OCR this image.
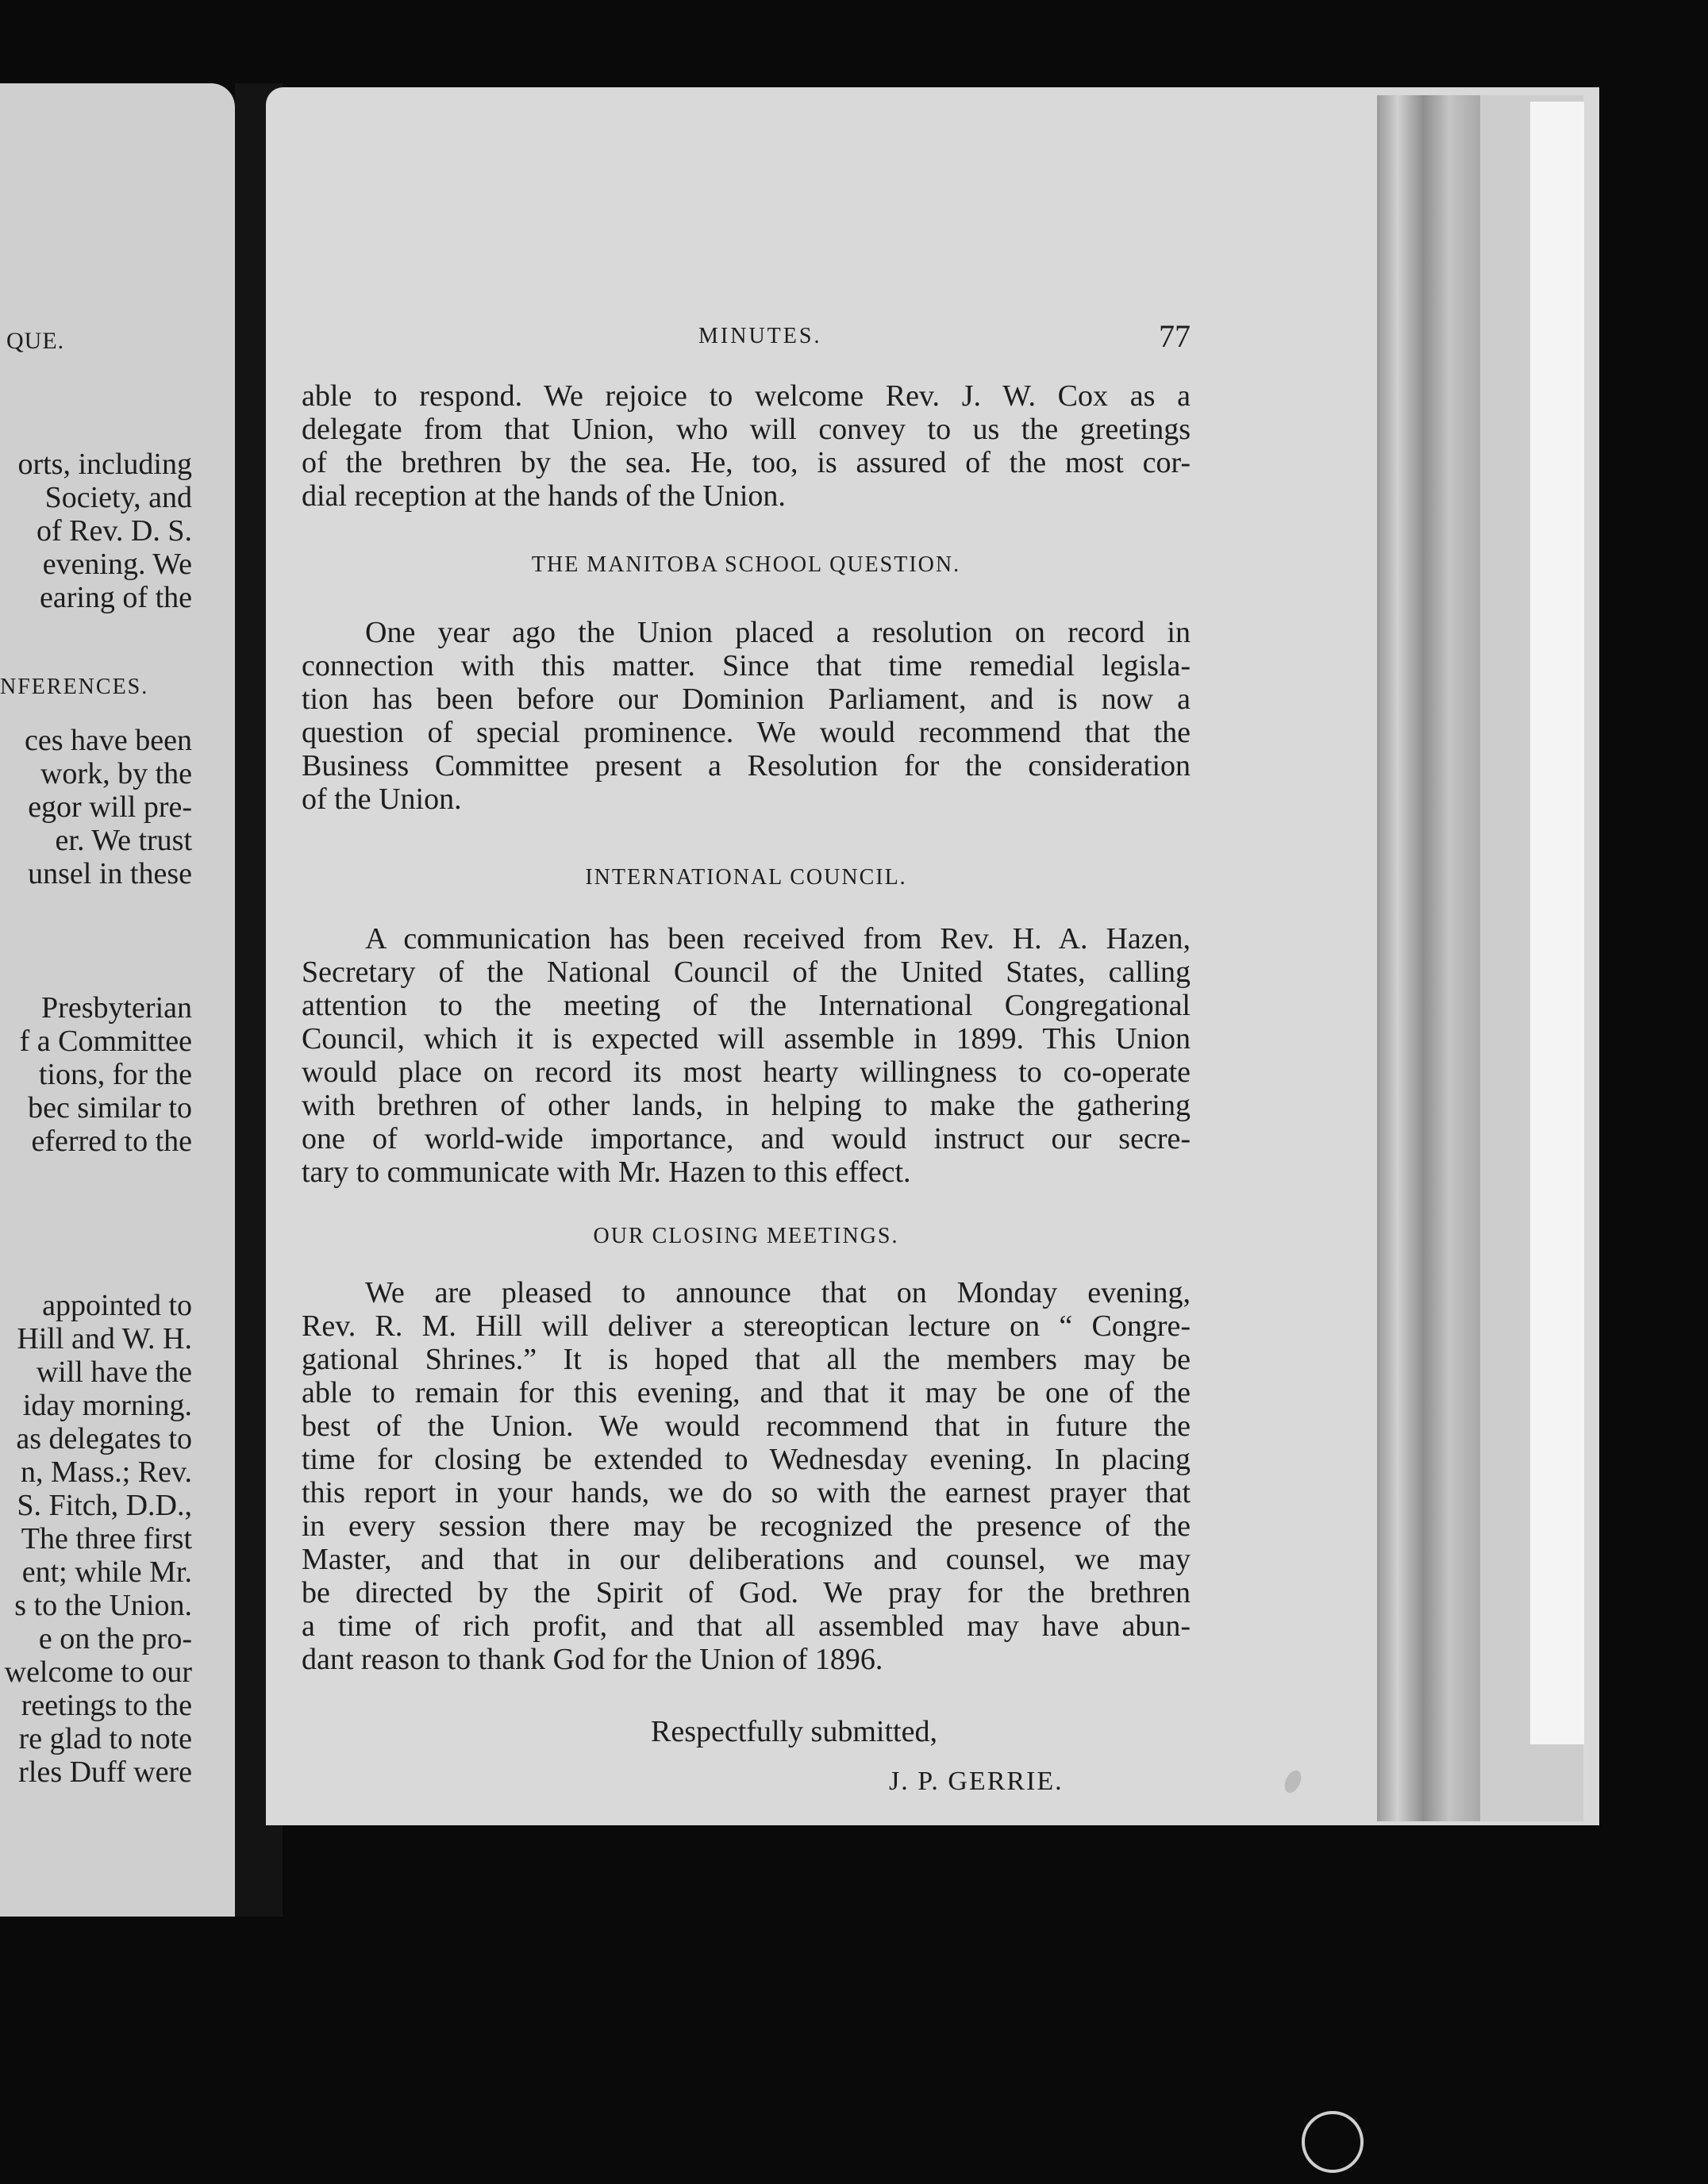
QUE.
orts, including
Society, and
of Rev. D. S.
evening. We
earing of the
NFERENCES.
ces have been
work, by the
egor will pre-
er. We trust
unsel in these
Presbyterian
f a Committee
tions, for the
bec similar to
eferred to the
appointed to
Hill and W. H.
will have the
iday morning.
as delegates to
n, Mass.; Rev.
S. Fitch, D.D.,
The three first
ent; while Mr.
s to the Union.
e on the pro-
welcome to our
reetings to the
re glad to note
rles Duff were
MINUTES.	77
able to respond. We rejoice to welcome Rev. J. W. Cox as a
delegate from that Union, who will convey to us the greetings
of the brethren by the sea. He, too, is assured of the most cor-
dial reception at the hands of the Union.
THE MANITOBA SCHOOL QUESTION.
One year ago the Union placed a resolution on record in
connection with this matter. Since that time remedial legisla-
tion has been before our Dominion Parliament, and is now a
question of special prominence. We would recommend that the
Business Committee present a Resolution for the consideration
of the Union.
INTERNATIONAL COUNCIL.
A communication has been received from Rev. H. A. Hazen,
Secretary of the National Council of the United States, calling
attention to the meeting of the International Congregational
Council, which it is expected will assemble in 1899. This Union
would place on record its most hearty willingness to co-operate
with brethren of other lands, in helping to make the gathering
one of world-wide importance, and would instruct our secre-
tary to communicate with Mr. Hazen to this effect.
OUR CLOSING MEETINGS.
We are pleased to announce that on Monday evening,
Rev. R. M. Hill will deliver a stereoptican lecture on “ Congre-
gational Shrines.” It is hoped that all the members may be
able to remain for this evening, and that it may be one of the
best of the Union. We would recommend that in future the
time for closing be extended to Wednesday evening. In placing
this report in your hands, we do so with the earnest prayer that
in every session there may be recognized the presence of the
Master, and that in our deliberations and counsel, we may
be directed by the Spirit of God. We pray for the brethren
a time of rich profit, and that all assembled may have abun-
dant reason to thank God for the Union of 1896.
Respectfully submitted,
J. P. GERRIE.
